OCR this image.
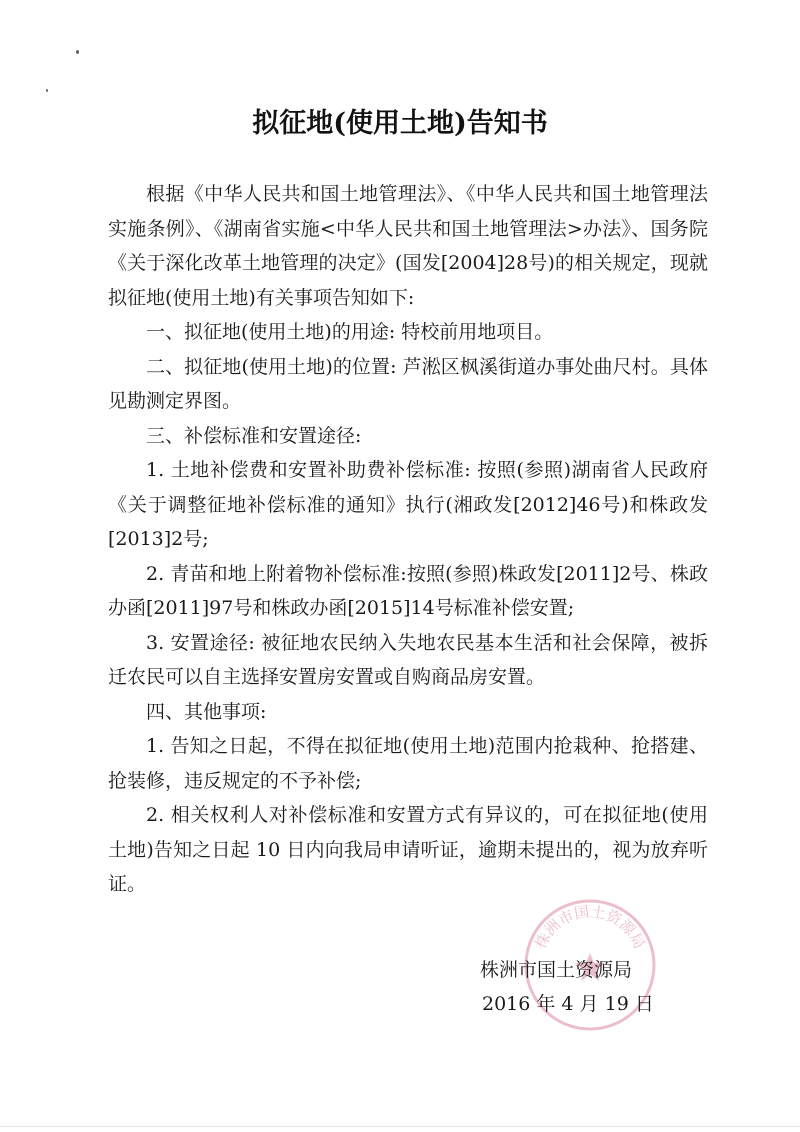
拟征地(使用土地)告知书

根据《中华人民共和国土地管理法》、《中华人民共和国土地管理法实施条例》、《湖南省实施<中华人民共和国土地管理法>办法》、国务院《关于深化改革土地管理的决定》(国发[2004]28号)的相关规定，现就拟征地(使用土地)有关事项告知如下:

一、拟征地(使用土地)的用途: 特校前用地项目。

二、拟征地(使用土地)的位置: 芦淞区枫溪街道办事处曲尺村。具体见勘测定界图。

三、补偿标准和安置途径:

1. 土地补偿费和安置补助费补偿标准: 按照(参照)湖南省人民政府《关于调整征地补偿标准的通知》执行(湘政发[2012]46号)和株政发[2013]2号;

2. 青苗和地上附着物补偿标准:按照(参照)株政发[2011]2号、株政办函[2011]97号和株政办函[2015]14号标准补偿安置;

3. 安置途径: 被征地农民纳入失地农民基本生活和社会保障，被拆迁农民可以自主选择安置房安置或自购商品房安置。

四、其他事项:

1. 告知之日起，不得在拟征地(使用土地)范围内抢栽种、抢搭建、抢装修，违反规定的不予补偿;

2. 相关权利人对补偿标准和安置方式有异议的，可在拟征地(使用土地)告知之日起 10 日内向我局申请听证，逾期未提出的，视为放弃听证。

株洲市国土资源局
株洲市国土资源局
2016 年 4 月 19 日
